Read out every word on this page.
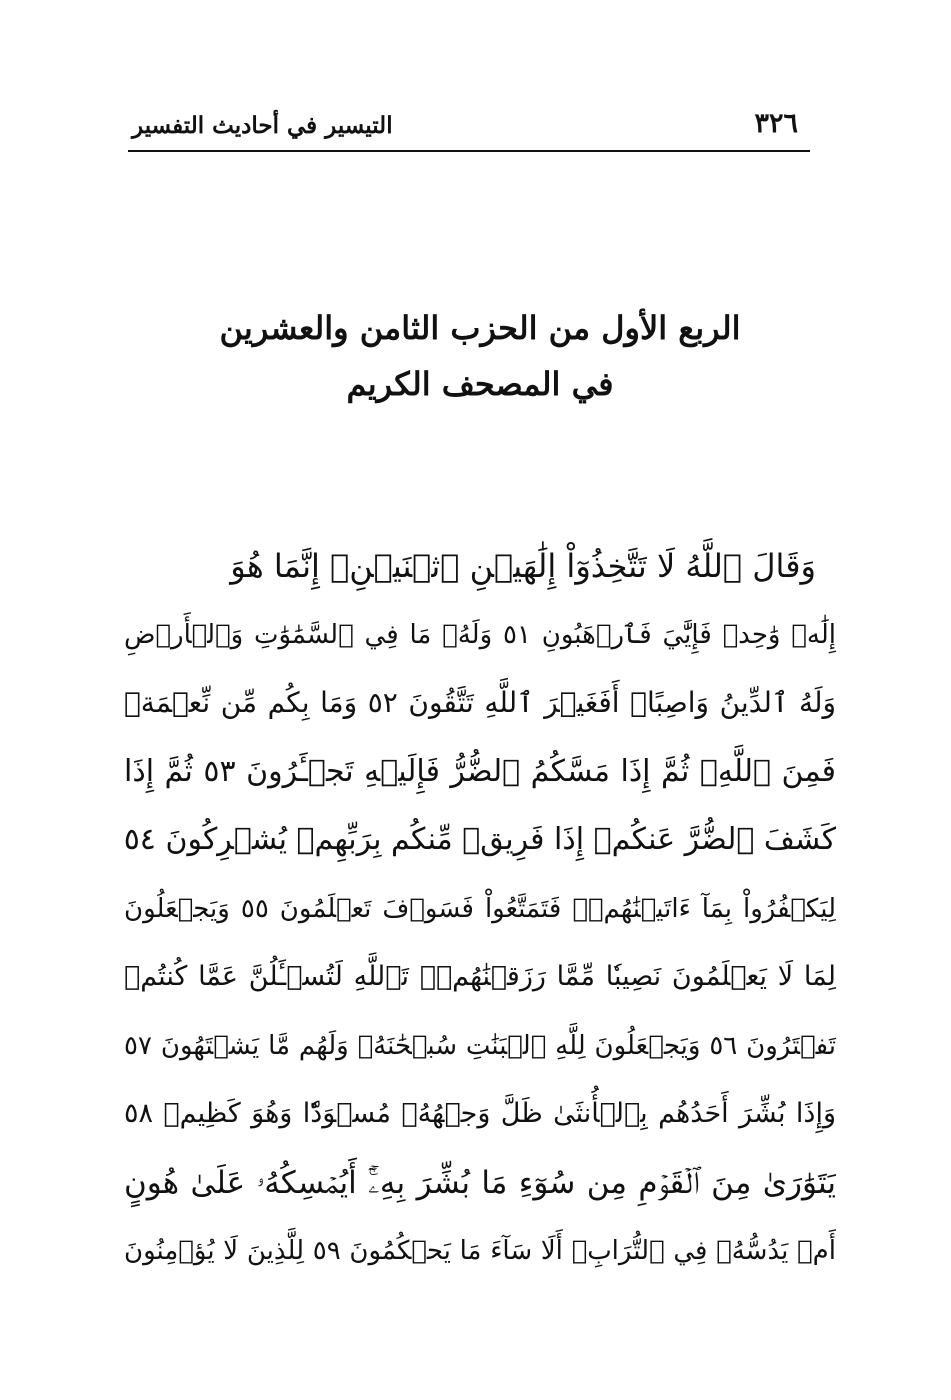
٣٢٦
التيسير في أحاديث التفسير
الربع الأول من الحزب الثامن والعشرين
في المصحف الكريم
وَقَالَ ٱللَّهُ لَا تَتَّخِذُوٓاْ إِلَٰهَيۡنِ ٱثۡنَيۡنِۖ إِنَّمَا هُوَ
إِلَٰهٞ وَٰحِدٞ فَإِيَّٰيَ فَٱرۡهَبُونِ ٥١ وَلَهُۥ مَا فِي ٱلسَّمَٰوَٰتِ وَٱلۡأَرۡضِ
وَلَهُ ٱلدِّينُ وَاصِبًاۚ أَفَغَيۡرَ ٱللَّهِ تَتَّقُونَ ٥٢ وَمَا بِكُم مِّن نِّعۡمَةٖ
فَمِنَ ٱللَّهِۖ ثُمَّ إِذَا مَسَّكُمُ ٱلضُّرُّ فَإِلَيۡهِ تَجۡـَٔرُونَ ٥٣ ثُمَّ إِذَا
كَشَفَ ٱلضُّرَّ عَنكُمۡ إِذَا فَرِيقٞ مِّنكُم بِرَبِّهِمۡ يُشۡرِكُونَ ٥٤
لِيَكۡفُرُواْ بِمَآ ءَاتَيۡنَٰهُمۡۚ فَتَمَتَّعُواْ فَسَوۡفَ تَعۡلَمُونَ ٥٥ وَيَجۡعَلُونَ
لِمَا لَا يَعۡلَمُونَ نَصِيبٗا مِّمَّا رَزَقۡنَٰهُمۡۗ تَٱللَّهِ لَتُسۡـَٔلُنَّ عَمَّا كُنتُمۡ
تَفۡتَرُونَ ٥٦ وَيَجۡعَلُونَ لِلَّهِ ٱلۡبَنَٰتِ سُبۡحَٰنَهُۥ وَلَهُم مَّا يَشۡتَهُونَ ٥٧
وَإِذَا بُشِّرَ أَحَدُهُم بِٱلۡأُنثَىٰ ظَلَّ وَجۡهُهُۥ مُسۡوَدّٗا وَهُوَ كَظِيمٞ ٥٨
يَتَوَٰرَىٰ مِنَ ٱلۡقَوۡمِ مِن سُوٓءِ مَا بُشِّرَ بِهِۦٓۚ أَيُمۡسِكُهُۥ عَلَىٰ هُونٍ
أَمۡ يَدُسُّهُۥ فِي ٱلتُّرَابِۗ أَلَا سَآءَ مَا يَحۡكُمُونَ ٥٩ لِلَّذِينَ لَا يُؤۡمِنُونَ
